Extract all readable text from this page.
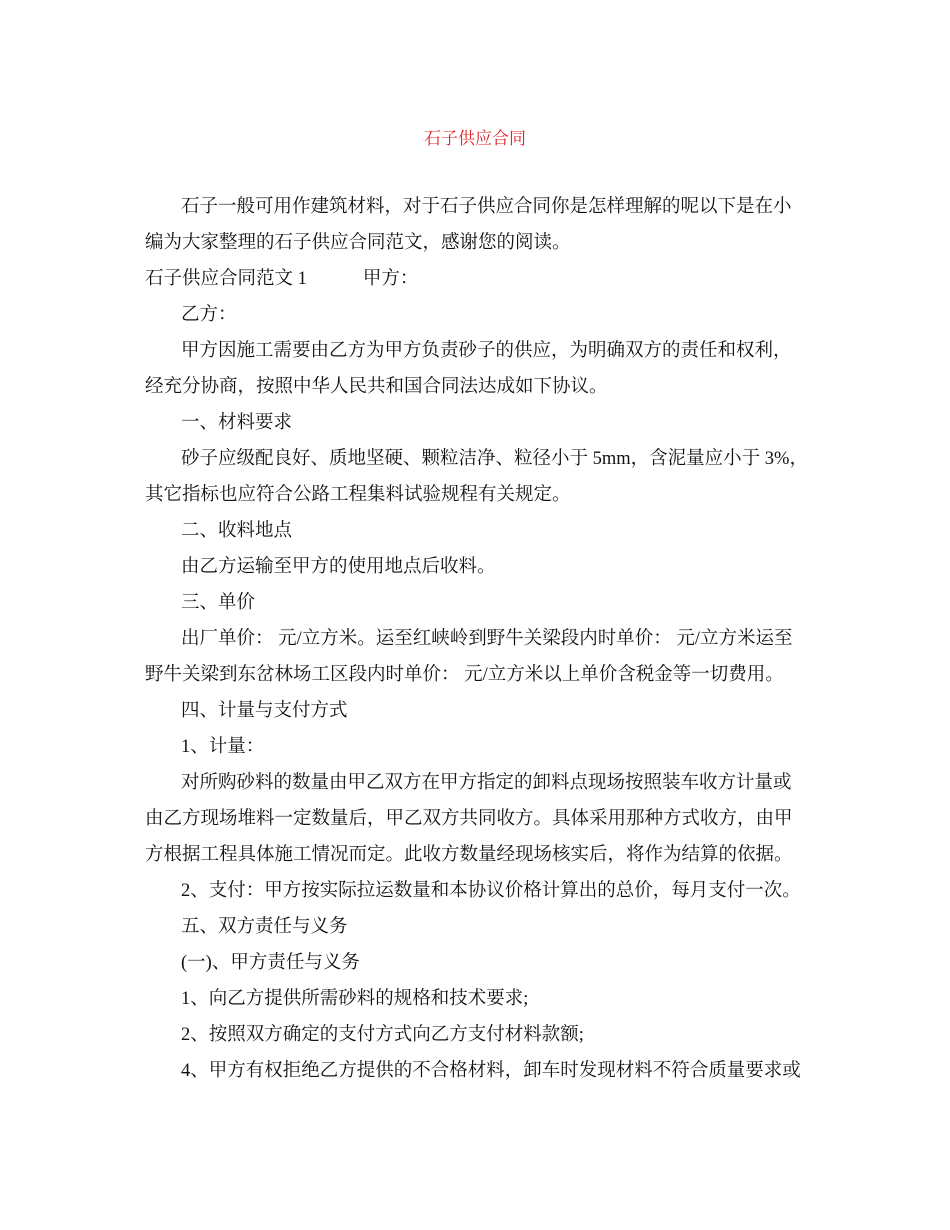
石子供应合同
石子一般可用作建筑材料，对于石子供应合同你是怎样理解的呢以下是在小
编为大家整理的石子供应合同范文，感谢您的阅读。
石子供应合同范文 1	甲方：
乙方：
甲方因施工需要由乙方为甲方负责砂子的供应，为明确双方的责任和权利，
经充分协商，按照中华人民共和国合同法达成如下协议。
一、材料要求
砂子应级配良好、质地坚硬、颗粒洁净、粒径小于 5mm，含泥量应小于 3%，
其它指标也应符合公路工程集料试验规程有关规定。
二、收料地点
由乙方运输至甲方的使用地点后收料。
三、单价
出厂单价： 元/立方米。运至红峡岭到野牛关梁段内时单价： 元/立方米运至
野牛关梁到东岔林场工区段内时单价： 元/立方米以上单价含税金等一切费用。
四、计量与支付方式
1、计量：
对所购砂料的数量由甲乙双方在甲方指定的卸料点现场按照装车收方计量或
由乙方现场堆料一定数量后，甲乙双方共同收方。具体采用那种方式收方，由甲
方根据工程具体施工情况而定。此收方数量经现场核实后，将作为结算的依据。
2、支付：甲方按实际拉运数量和本协议价格计算出的总价，每月支付一次。
五、双方责任与义务
(一)、甲方责任与义务
1、向乙方提供所需砂料的规格和技术要求;
2、按照双方确定的支付方式向乙方支付材料款额;
4、甲方有权拒绝乙方提供的不合格材料，卸车时发现材料不符合质量要求或
